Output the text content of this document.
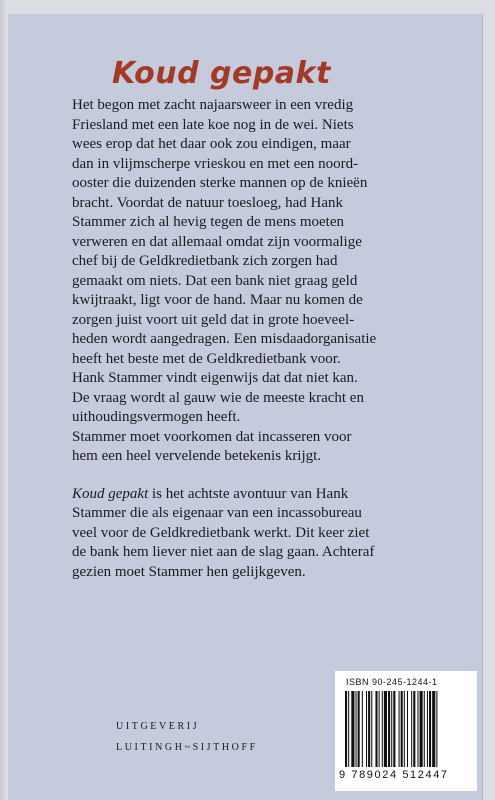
Koud gepakt
Het begon met zacht najaarsweer in een vredig
Friesland met een late koe nog in de wei. Niets
wees erop dat het daar ook zou eindigen, maar
dan in vlijmscherpe vrieskou en met een noord-
ooster die duizenden sterke mannen op de knieën
bracht. Voordat de natuur toesloeg, had Hank
Stammer zich al hevig tegen de mens moeten
verweren en dat allemaal omdat zijn voormalige
chef bij de Geldkredietbank zich zorgen had
gemaakt om niets. Dat een bank niet graag geld
kwijtraakt, ligt voor de hand. Maar nu komen de
zorgen juist voort uit geld dat in grote hoeveel-
heden wordt aangedragen. Een misdaadorganisatie
heeft het beste met de Geldkredietbank voor.
Hank Stammer vindt eigenwijs dat dat niet kan.
De vraag wordt al gauw wie de meeste kracht en
uithoudingsvermogen heeft.
Stammer moet voorkomen dat incasseren voor
hem een heel vervelende betekenis krijgt.
Koud gepakt is het achtste avontuur van Hank
Stammer die als eigenaar van een incassobureau
veel voor de Geldkredietbank werkt. Dit keer ziet
de bank hem liever niet aan de slag gaan. Achteraf
gezien moet Stammer hen gelijkgeven.
UITGEVERIJ
LUITINGH~SIJTHOFF
ISBN 90-245-1244-1
9 789024 512447
